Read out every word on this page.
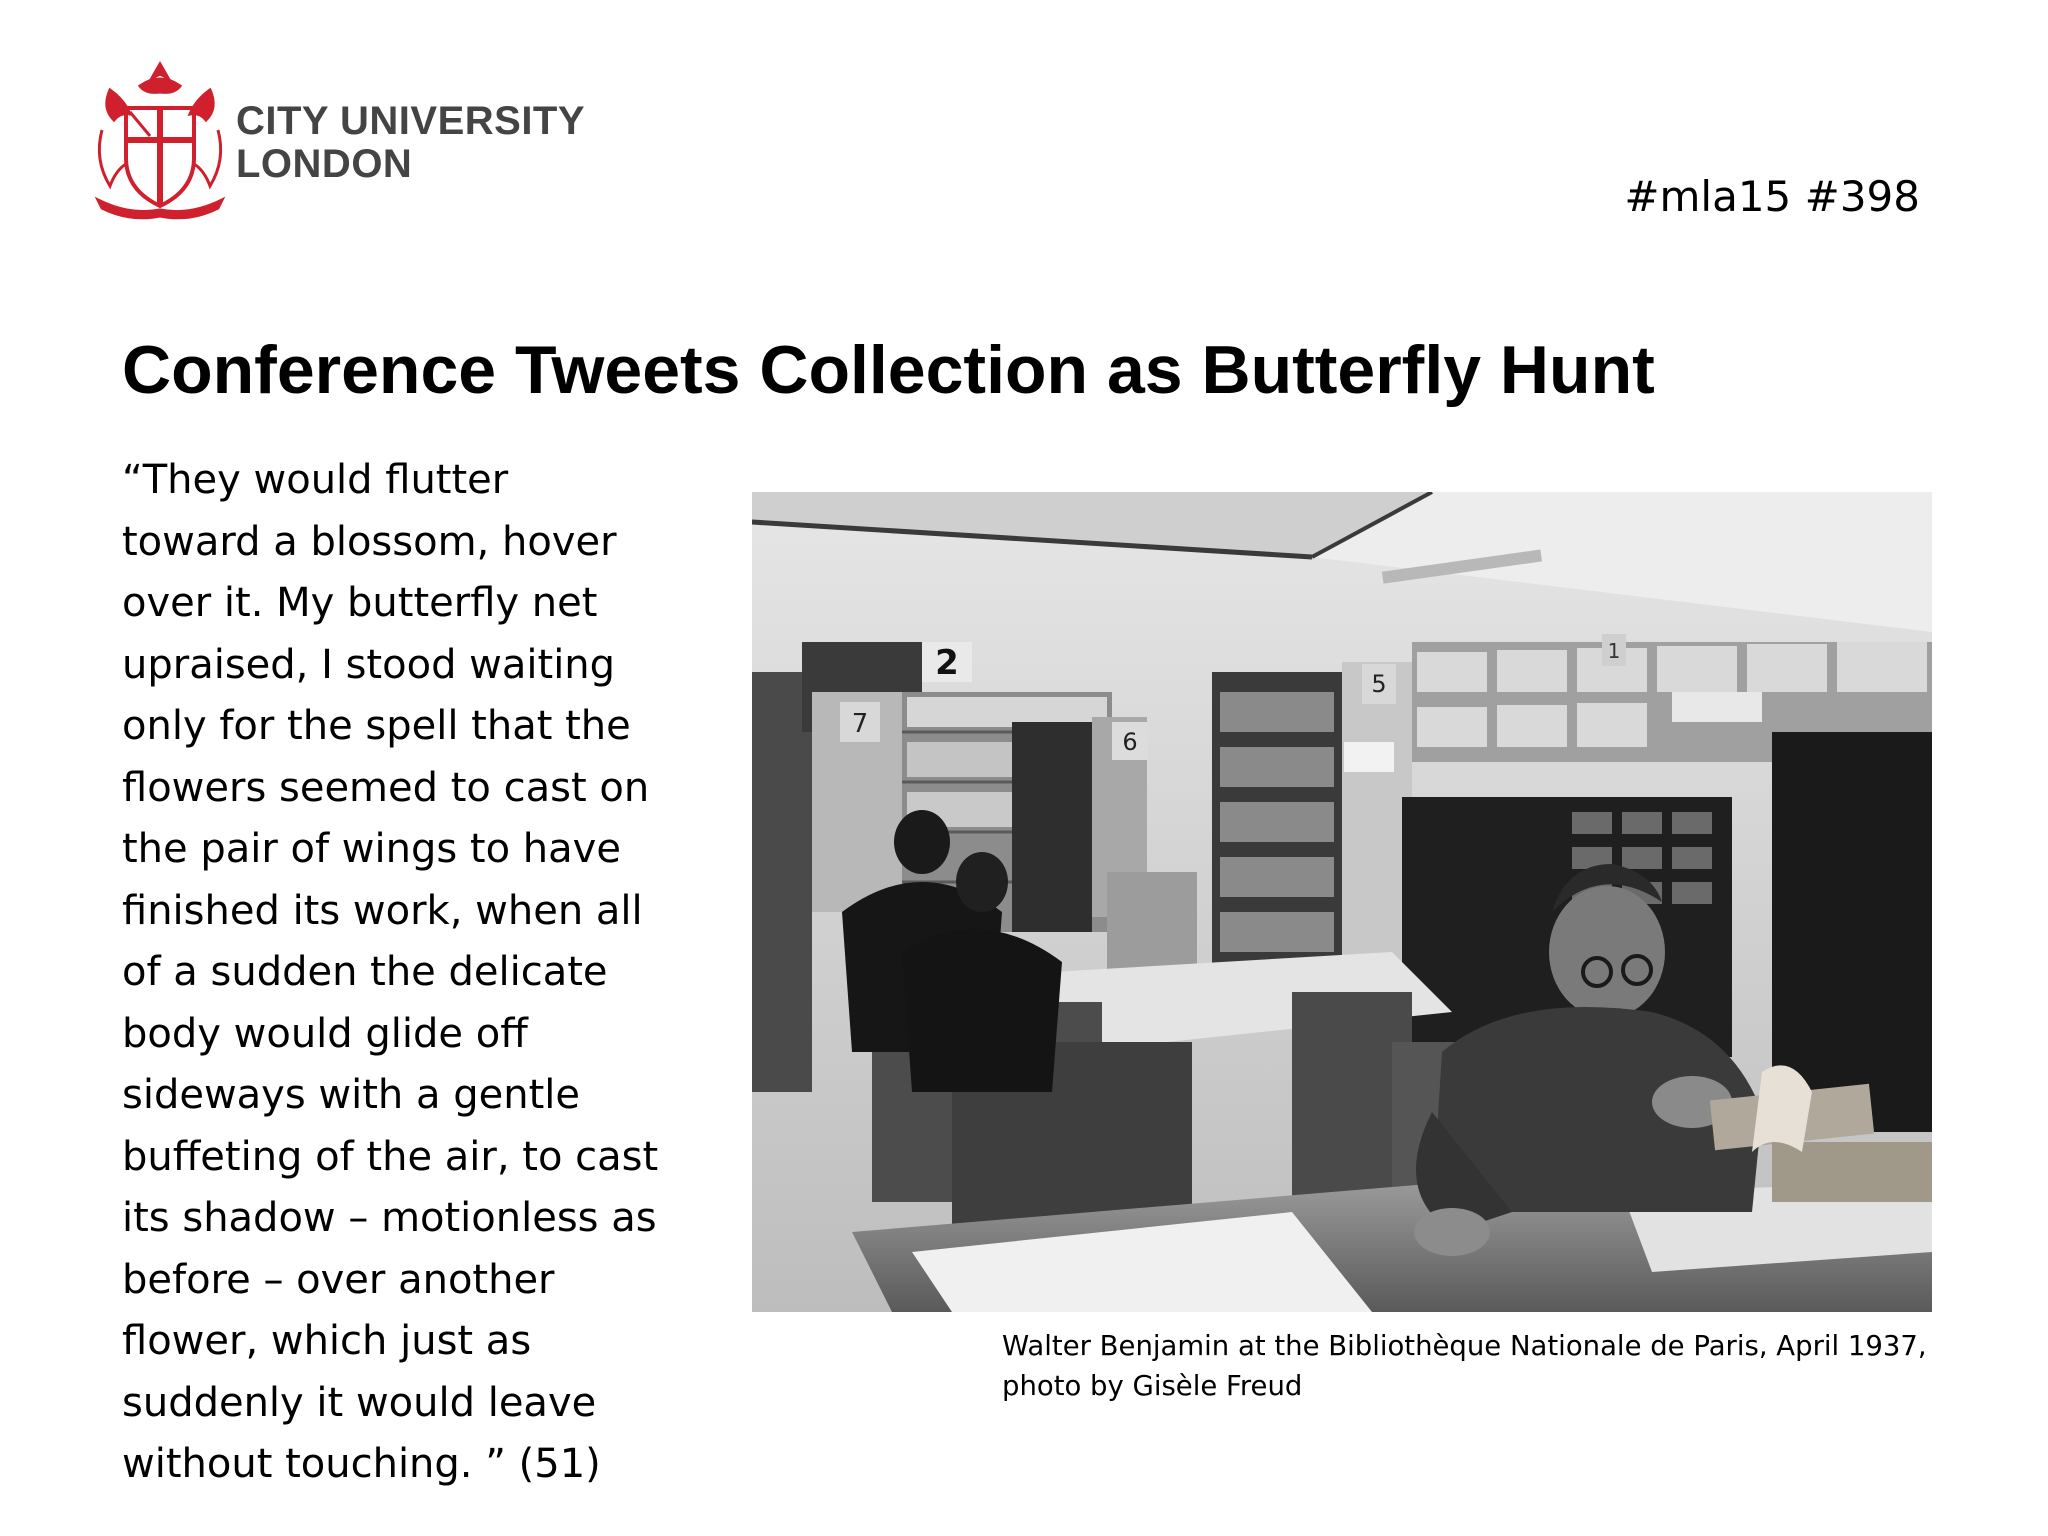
CITY UNIVERSITY
LONDON
EST 1894	#mla15 #398
Conference Tweets Collection as Butterfly Hunt
“They would flutter
toward a blossom, hover
over it. My butterfly net
upraised, I stood waiting
only for the spell that the
flowers seemed to cast on
the pair of wings to have
finished its work, when all
of a sudden the delicate
body would glide off
sideways with a gentle
buffeting of the air, to cast
its shadow – motionless as
before – over another
flower, which just as
suddenly it would leave
without touching. ” (51)
2
7
6
5
1
Walter Benjamin at the Bibliothèque Nationale de Paris, April 1937,
photo by Gisèle Freud
